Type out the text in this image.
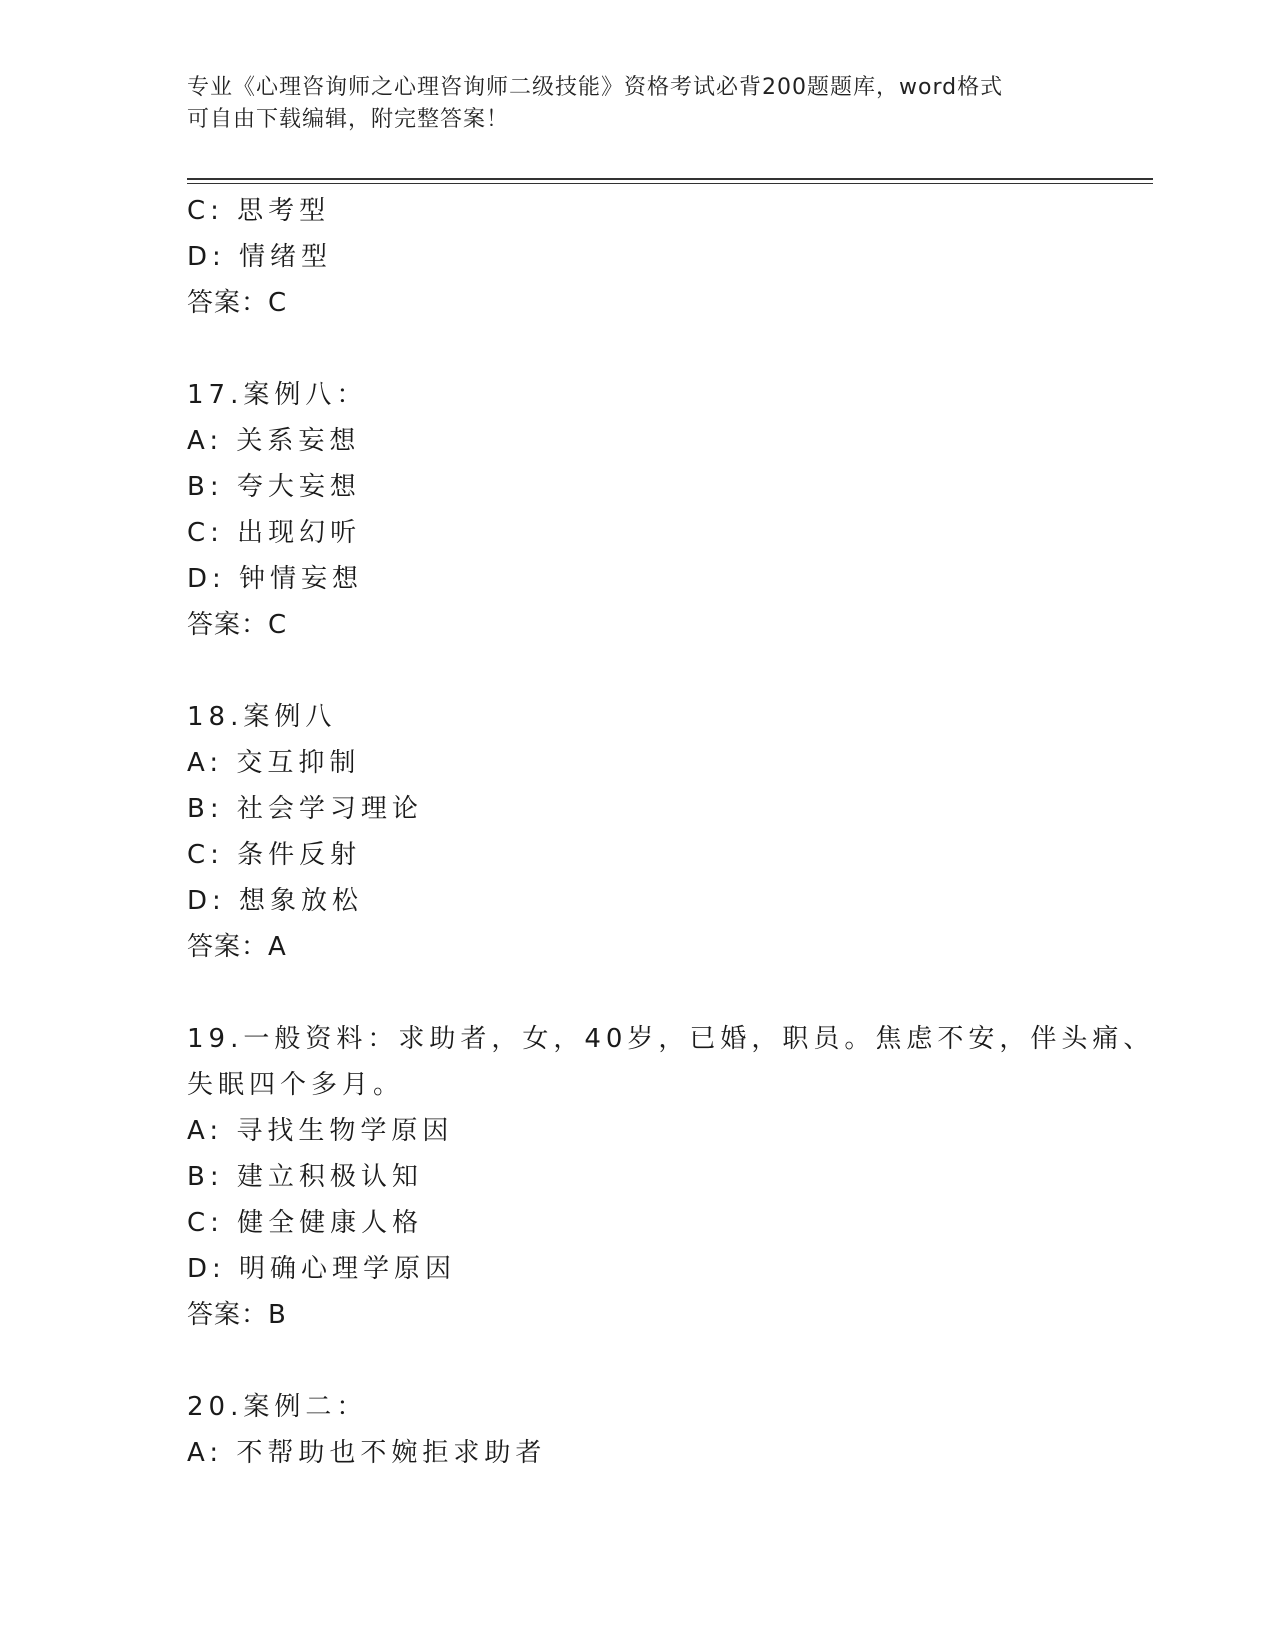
专业《心理咨询师之心理咨询师二级技能》资格考试必背200题题库，word格式
可自由下载编辑，附完整答案！
C: 思考型
D: 情绪型
答案：C
17.案例八：
A: 关系妄想
B: 夸大妄想
C: 出现幻听
D: 钟情妄想
答案：C
18.案例八
A: 交互抑制
B: 社会学习理论
C: 条件反射
D: 想象放松
答案：A
19.一般资料：求助者，女，40岁，已婚，职员。焦虑不安，伴头痛、
失眠四个多月。
A: 寻找生物学原因
B: 建立积极认知
C: 健全健康人格
D: 明确心理学原因
答案：B
20.案例二：
A: 不帮助也不婉拒求助者
